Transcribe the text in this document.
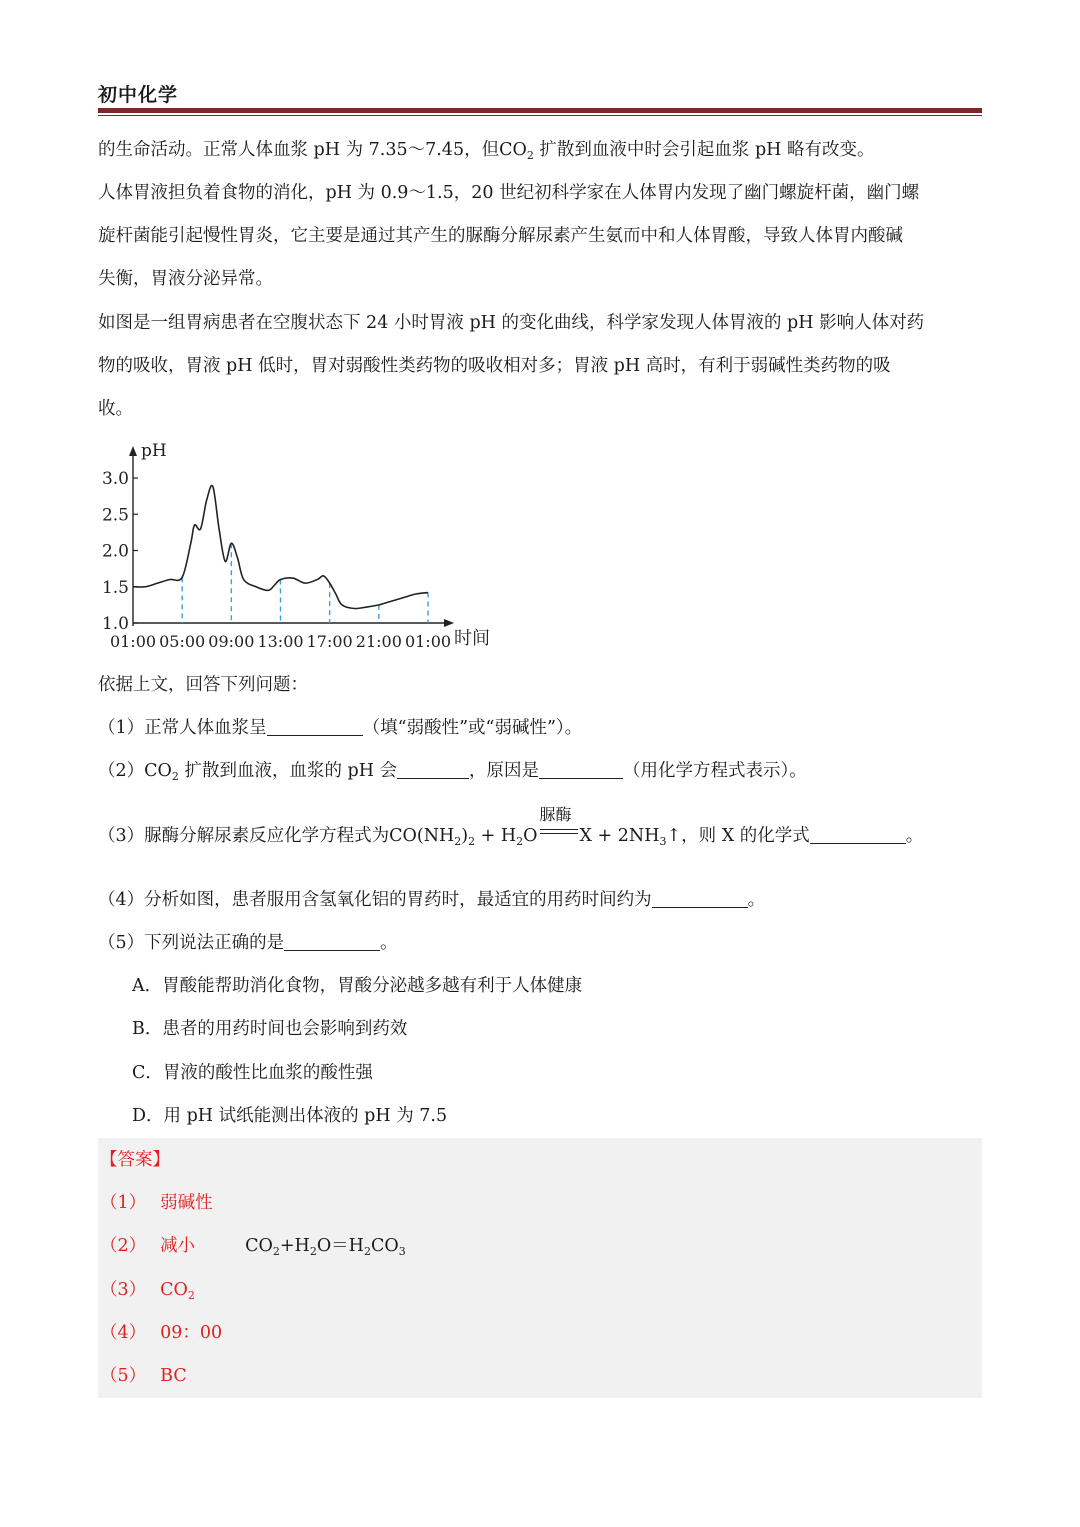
初中化学
的生命活动。正常人体血浆 pH 为 7.35～7.45，但$CO_2$ 扩散到血液中时会引起血浆 pH 略有改变。
人体胃液担负着食物的消化，pH 为 0.9～1.5，20 世纪初科学家在人体胃内发现了幽门螺旋杆菌，幽门螺
旋杆菌能引起慢性胃炎，它主要是通过其产生的脲酶分解尿素产生氨而中和人体胃酸，导致人体胃内酸碱
失衡，胃液分泌异常。
如图是一组胃病患者在空腹状态下 24 小时胃液 pH 的变化曲线，科学家发现人体胃液的 pH 影响人体对药
物的吸收，胃液 pH 低时，胃对弱酸性类药物的吸收相对多；胃液 pH 高时，有利于弱碱性类药物的吸
收。
pH
1.0
1.5
2.0
2.5
3.0
01:00 05:00 09:00 13:00 17:00 21:00 01:00 时间
依据上文，回答下列问题：
（1）正常人体血浆呈	（填“弱酸性”或“弱碱性”）。
$(2)CO_2$ 扩散到血液，血浆的 pH 会	，原因是	（用化学方程式表示）。
（3）脲酶分解尿素反应化学方程式为$CO(NH_2)_2 + H_2O$
脲酶
$X + 2NH_3↑$，则 X 的化学式	。
（4）分析如图，患者服用含氢氧化铝的胃药时，最适宜的用药时间约为	。
（5）下列说法正确的是	。
A．胃酸能帮助消化食物，胃酸分泌越多越有利于人体健康
B．患者的用药时间也会影响到药效
C．胃液的酸性比血浆的酸性强
D．用 pH 试纸能测出体液的 pH 为 7.5
【答案】
（1） 弱碱性
（2） 减小	$CO_2+H_2O=H_2CO_3$
（3） $CO_2$
（4） 09：00
（5） BC
